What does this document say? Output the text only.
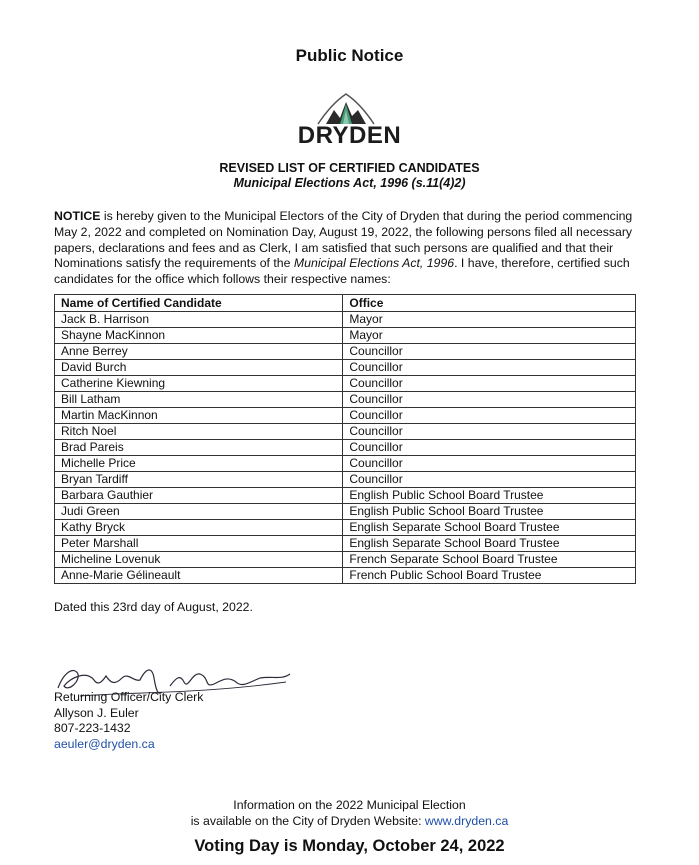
Public Notice
DRYDEN
REVISED LIST OF CERTIFIED CANDIDATES
Municipal Elections Act, 1996 (s.11(4)2)
NOTICE is hereby given to the Municipal Electors of the City of Dryden that during the period commencing May 2, 2022 and completed on Nomination Day, August 19, 2022, the following persons filed all necessary papers, declarations and fees and as Clerk, I am satisfied that such persons are qualified and that their Nominations satisfy the requirements of the Municipal Elections Act, 1996. I have, therefore, certified such candidates for the office which follows their respective names:
Name of Certified Candidate	Office
Jack B. Harrison	Mayor
Shayne MacKinnon	Mayor
Anne Berrey	Councillor
David Burch	Councillor
Catherine Kiewning	Councillor
Bill Latham	Councillor
Martin MacKinnon	Councillor
Ritch Noel	Councillor
Brad Pareis	Councillor
Michelle Price	Councillor
Bryan Tardiff	Councillor
Barbara Gauthier	English Public School Board Trustee
Judi Green	English Public School Board Trustee
Kathy Bryck	English Separate School Board Trustee
Peter Marshall	English Separate School Board Trustee
Micheline Lovenuk	French Separate School Board Trustee
Anne-Marie Gélineault	French Public School Board Trustee
Dated this 23rd day of August, 2022.
Returning Officer/City Clerk
Allyson J. Euler
807-223-1432
aeuler@dryden.ca
Information on the 2022 Municipal Election
is available on the City of Dryden Website: www.dryden.ca
Voting Day is Monday, October 24, 2022
